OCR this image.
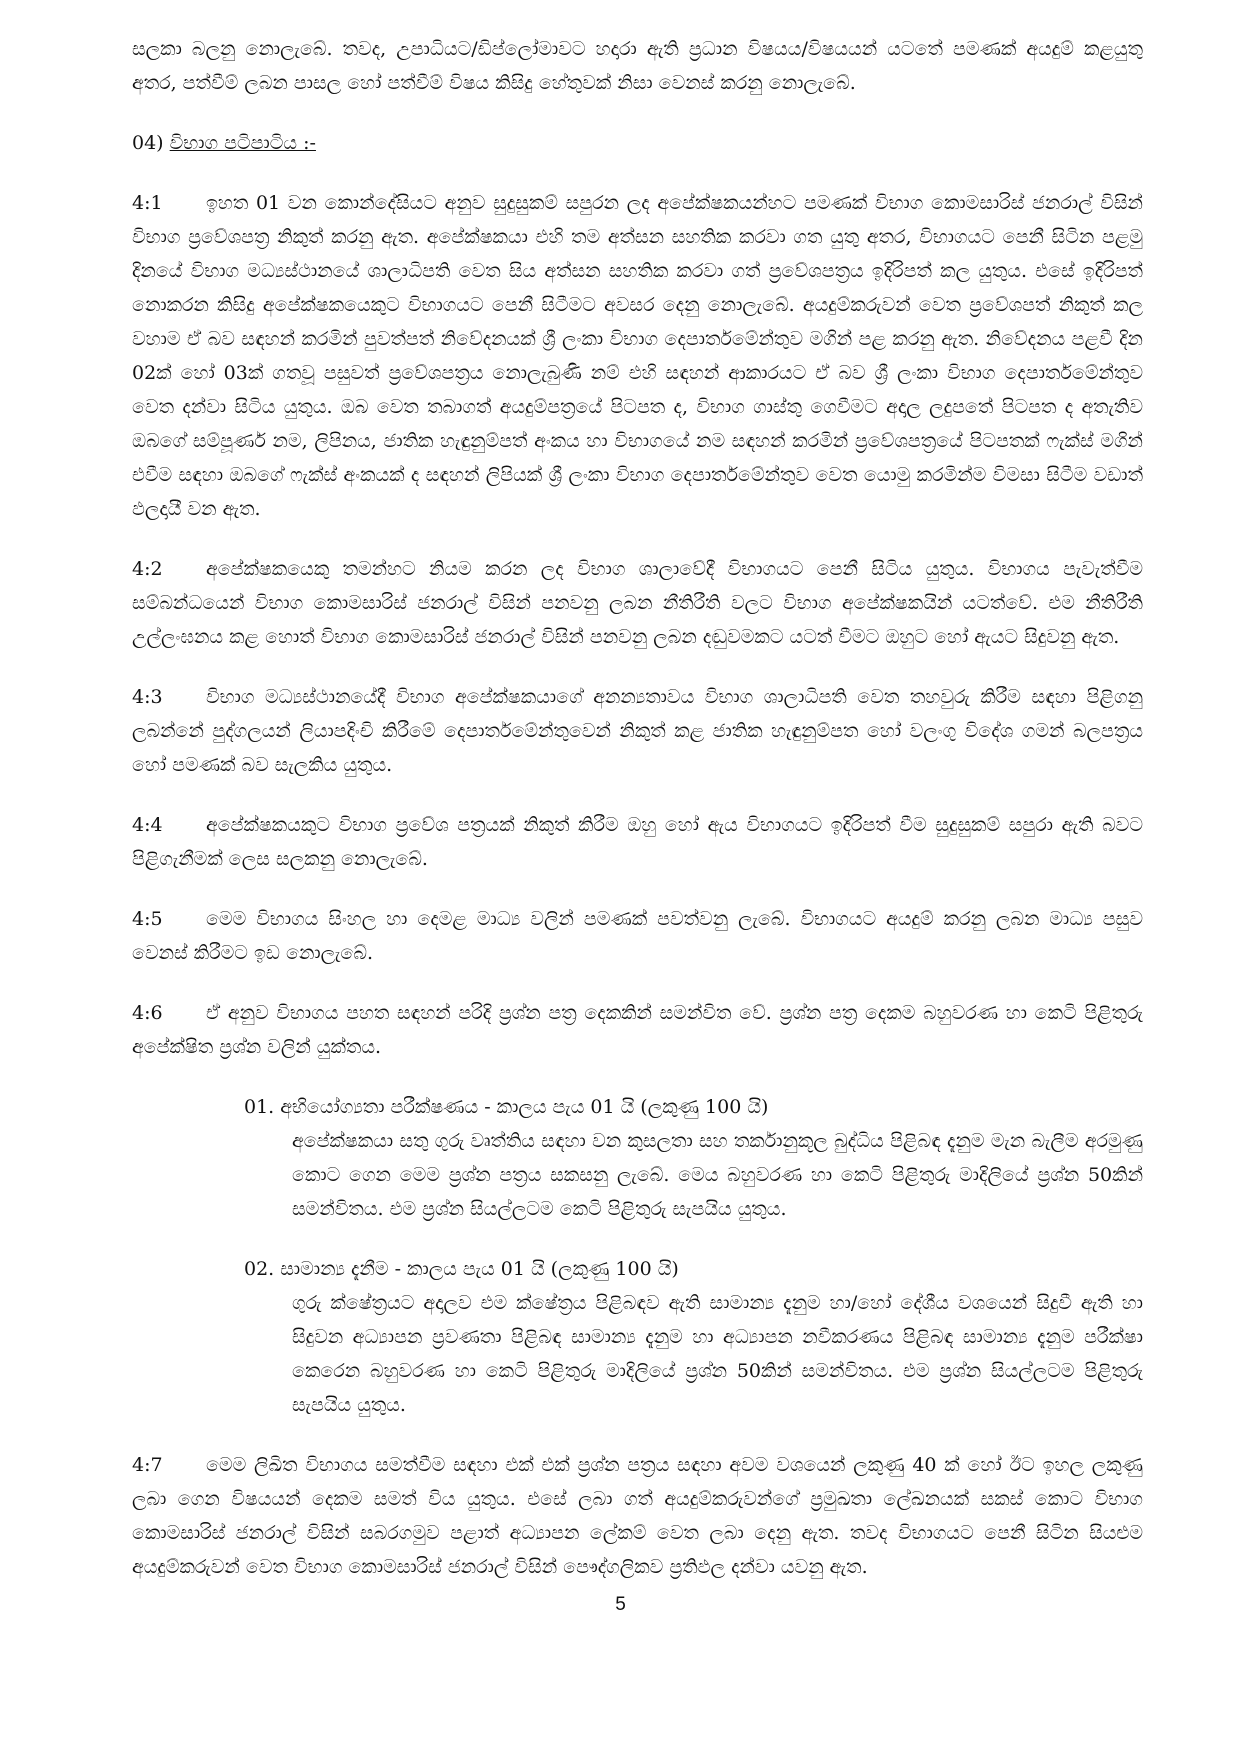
සලකා බලනු නොලැබේ. තවද, උපාධියට/ඩිප්ලෝමාවට හදාරා ඇති ප්‍රධාන විෂයය/විෂයයන් යටතේ පමණක් අයදුම් කළයුතු අතර, පත්වීම් ලබන පාසල හෝ පත්වීම් විෂය කිසිදු හේතුවක් නිසා වෙනස් කරනු නොලැබේ.

04) විභාග පටිපාටිය :-

4:1 ඉහත 01 වන කොන්දේසියට අනුව සුදුසුකම් සපුරන ලද අපේක්ෂකයන්හට පමණක් විභාග කොමසාරිස් ජනරාල් විසින් විභාග ප්‍රවේශපත්‍ර නිකුත් කරනු ඇත. අපේක්ෂකයා එහි තම අත්සන සහතික කරවා ගත යුතු අතර, විභාගයට පෙනී සිටින පළමු දිනයේ විභාග මධ්‍යස්ථානයේ ශාලාධිපති වෙත සිය අත්සන සහතික කරවා ගත් ප්‍රවේශපත්‍රය ඉදිරිපත් කල යුතුය. එසේ ඉදිරිපත් නොකරන කිසිදු අපේක්ෂකයෙකුට විභාගයට පෙනී සිටීමට අවසර දෙනු නොලැබේ. අයදුම්කරුවන් වෙත ප්‍රවේශපත් නිකුත් කල වහාම ඒ බව සඳහන් කරමින් පුවත්පත් නිවේදනයක් ශ්‍රී ලංකා විභාග දෙපාර්තමේන්තුව මගින් පළ කරනු ඇත. නිවේදනය පළවී දින 02ක් හෝ 03ක් ගතවූ පසුවත් ප්‍රවේශපත්‍රය නොලැබුණි නම් එහි සඳහන් ආකාරයට ඒ බව ශ්‍රී ලංකා විභාග දෙපාර්තමේන්තුව වෙත දන්වා සිටිය යුතුය. ඔබ වෙත තබාගත් අයදුම්පත්‍රයේ පිටපත ද, විභාග ගාස්තු ගෙවීමට අදාල ලදුපතේ පිටපත ද අතැතිව ඔබගේ සම්පූර්ණ නම, ලිපිනය, ජාතික හැඳුනුම්පත් අංකය හා විභාගයේ නම සඳහන් කරමින් ප්‍රවේශපත්‍රයේ පිටපතක් ෆැක්ස් මගින් එවීම සඳහා ඔබගේ ෆැක්ස් අංකයක් ද සඳහන් ලිපියක් ශ්‍රී ලංකා විභාග දෙපාර්තමේන්තුව වෙත යොමු කරමින්ම විමසා සිටීම වඩාත් ඵලදායී වන ඇත.

4:2 අපේක්ෂකයෙකු තමන්හට නියම කරන ලද විභාග ශාලාවේදී විභාගයට පෙනී සිටිය යුතුය. විභාගය පැවැත්වීම සම්බන්ධයෙන් විභාග කොමසාරිස් ජනරාල් විසින් පනවනු ලබන නීතිරීති වලට විභාග අපේක්ෂකයින් යටත්වේ. එම නීතිරීති උල්ලංඝනය කළ හොත් විභාග කොමසාරිස් ජනරාල් විසින් පනවනු ලබන දඬුවමකට යටත් වීමට ඔහුට හෝ ඇයට සිදුවනු ඇත.

4:3 විභාග මධ්‍යස්ථානයේදී විභාග අපේක්ෂකයාගේ අනන්‍යතාවය විභාග ශාලාධිපති වෙත තහවුරු කිරීම සඳහා පිළිගනු ලබන්නේ පුද්ගලයන් ලියාපදිංචි කිරීමේ දෙපාර්තමේන්තුවෙන් නිකුත් කළ ජාතික හැඳුනුම්පත හෝ වලංගු විදේශ ගමන් බලපත්‍රය හෝ පමණක් බව සැලකිය යුතුය.

4:4 අපේක්ෂකයකුට විභාග ප්‍රවේශ පත්‍රයක් නිකුත් කිරීම ඔහු හෝ ඇය විභාගයට ඉදිරිපත් වීම සුදුසුකම් සපුරා ඇති බවට පිළිගැනීමක් ලෙස සලකනු නොලැබේ.

4:5 මෙම විභාගය සිංහල හා දෙමළ මාධ්‍ය වලින් පමණක් පවත්වනු ලැබේ. විභාගයට අයදුම් කරනු ලබන මාධ්‍ය පසුව වෙනස් කිරීමට ඉඩ නොලැබේ.

4:6 ඒ අනුව විභාගය පහත සඳහන් පරිදි ප්‍රශ්න පත්‍ර දෙකකින් සමන්විත වේ. ප්‍රශ්න පත්‍ර දෙකම බහුවරණ හා කෙටි පිළිතුරු අපේක්ෂිත ප්‍රශ්න වලින් යුක්තය.

01. අභියෝග්‍යතා පරීක්ෂණය - කාලය පැය 01 යි (ලකුණු 100 යි)

අපේක්ෂකයා සතු ගුරු වෘත්තිය සඳහා වන කුසලතා සහ තර්කානුකූල බුද්ධිය පිළිබඳ දැනුම මැන බැලීම අරමුණු කොට ගෙන මෙම ප්‍රශ්න පත්‍රය සකසනු ලැබේ. මෙය බහුවරණ හා කෙටි පිළිතුරු මාදිලියේ ප්‍රශ්න 50කින් සමන්විතය. එම ප්‍රශ්න සියල්ලටම කෙටි පිළිතුරු සැපයිය යුතුය.

02. සාමාන්‍ය දැනීම - කාලය පැය 01 යි (ලකුණු 100 යි)

ගුරු ක්ෂේත්‍රයට අදාලව එම ක්ෂේත්‍රය පිළිබඳව ඇති සාමාන්‍ය දැනුම හා/හෝ දේශීය වශයෙන් සිදුවී ඇති හා සිදුවන අධ්‍යාපන ප්‍රවණතා පිළිබඳ සාමාන්‍ය දැනුම හා අධ්‍යාපන නවීකරණය පිළිබඳ සාමාන්‍ය දැනුම පරීක්ෂා කෙරෙන බහුවරණ හා කෙටි පිළිතුරු මාදිලියේ ප්‍රශ්න 50කින් සමන්විතය. එම ප්‍රශ්න සියල්ලටම පිළිතුරු සැපයිය යුතුය.

4:7 මෙම ලිඛිත විභාගය සමත්වීම සඳහා එක් එක් ප්‍රශ්න පත්‍රය සඳහා අවම වශයෙන් ලකුණු 40 ක් හෝ ඊට ඉහල ලකුණු ලබා ගෙන විෂයයන් දෙකම සමත් විය යුතුය. එසේ ලබා ගත් අයදුම්කරුවන්ගේ ප්‍රමුඛතා ලේඛනයක් සකස් කොට විභාග කොමසාරිස් ජනරාල් විසින් සබරගමුව පළාත් අධ්‍යාපන ලේකම් වෙත ලබා දෙනු ඇත. තවද විභාගයට පෙනී සිටින සියළුම අයදුම්කරුවන් වෙත විභාග කොමසාරිස් ජනරාල් විසින් පෞද්ගලිකව ප්‍රතිඵල දන්වා යවනු ඇත.

5
